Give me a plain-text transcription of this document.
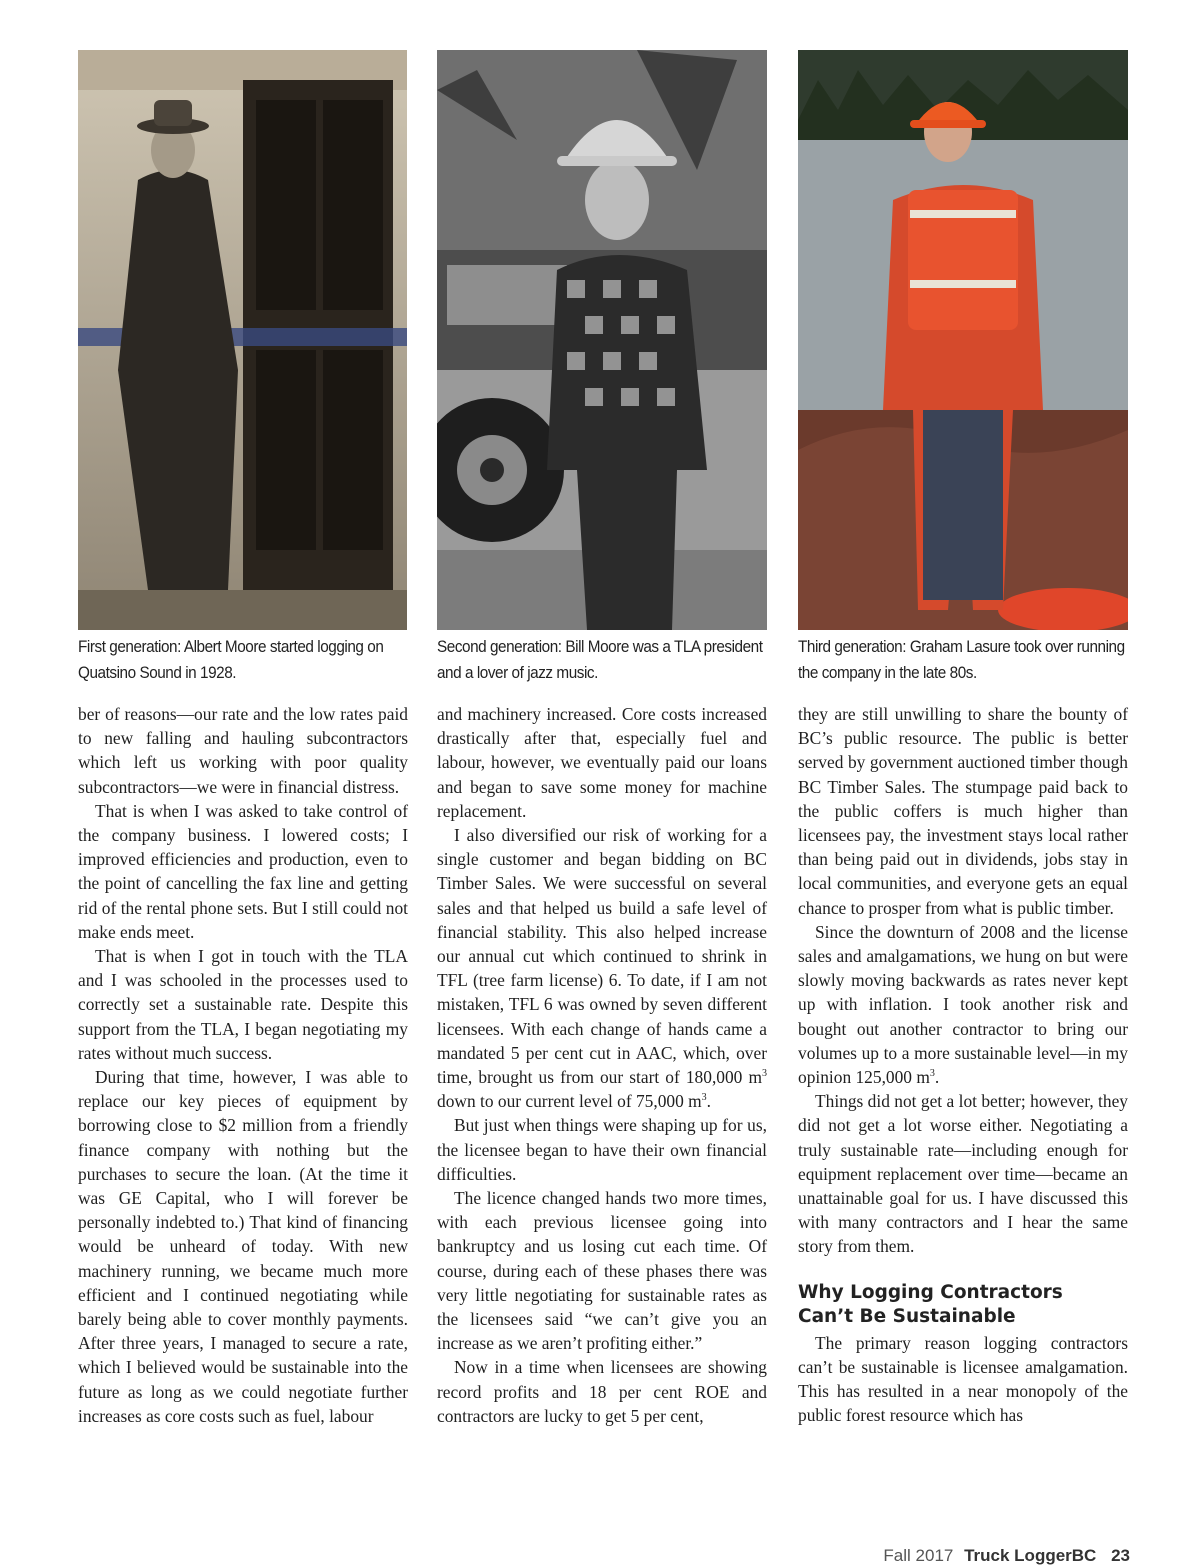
First generation: Albert Moore started logging on Quatsino Sound in 1928.
Second generation: Bill Moore was a TLA president and a lover of jazz music.
Third generation: Graham Lasure took over running the company in the late 80s.

ber of reasons—our rate and the low rates paid to new falling and hauling subcontractors which left us working with poor quality subcontractors—we were in financial distress.

That is when I was asked to take control of the company business. I lowered costs; I improved efficiencies and production, even to the point of cancelling the fax line and getting rid of the rental phone sets. But I still could not make ends meet.

That is when I got in touch with the TLA and I was schooled in the processes used to correctly set a sustainable rate. Despite this support from the TLA, I began negotiating my rates without much success.

During that time, however, I was able to replace our key pieces of equipment by borrowing close to $2 million from a friendly finance company with nothing but the purchases to secure the loan. (At the time it was GE Capital, who I will forever be personally indebted to.) That kind of financing would be unheard of today. With new machinery running, we became much more efficient and I continued negotiating while barely being able to cover monthly payments. After three years, I managed to secure a rate, which I believed would be sustainable into the future as long as we could negotiate further increases as core costs such as fuel, labour

and machinery increased. Core costs increased drastically after that, especially fuel and labour, however, we eventually paid our loans and began to save some money for machine replacement.

I also diversified our risk of working for a single customer and began bidding on BC Timber Sales. We were successful on several sales and that helped us build a safe level of financial stability. This also helped increase our annual cut which continued to shrink in TFL (tree farm license) 6. To date, if I am not mistaken, TFL 6 was owned by seven different licensees. With each change of hands came a mandated 5 per cent cut in AAC, which, over time, brought us from our start of 180,000 $m^3$ down to our current level of 75,000 $m^3$.

But just when things were shaping up for us, the licensee began to have their own financial difficulties.

The licence changed hands two more times, with each previous licensee going into bankruptcy and us losing cut each time. Of course, during each of these phases there was very little negotiating for sustainable rates as the licensees said “we can’t give you an increase as we aren’t profiting either.”

Now in a time when licensees are showing record profits and 18 per cent ROE and contractors are lucky to get 5 per cent,

they are still unwilling to share the bounty of BC’s public resource. The public is better served by government auctioned timber though BC Timber Sales. The stumpage paid back to the public coffers is much higher than licensees pay, the investment stays local rather than being paid out in dividends, jobs stay in local communities, and everyone gets an equal chance to prosper from what is public timber.

Since the downturn of 2008 and the license sales and amalgamations, we hung on but were slowly moving backwards as rates never kept up with inflation. I took another risk and bought out another contractor to bring our volumes up to a more sustainable level—in my opinion 125,000 $m^3$.

Things did not get a lot better; however, they did not get a lot worse either. Negotiating a truly sustainable rate—including enough for equipment replacement over time—became an unattainable goal for us. I have discussed this with many contractors and I hear the same story from them.

Why Logging Contractors
Can’t Be Sustainable

The primary reason logging contractors can’t be sustainable is licensee amalgamation. This has resulted in a near monopoly of the public forest resource which has

Fall 2017 Truck LoggerBC 23
